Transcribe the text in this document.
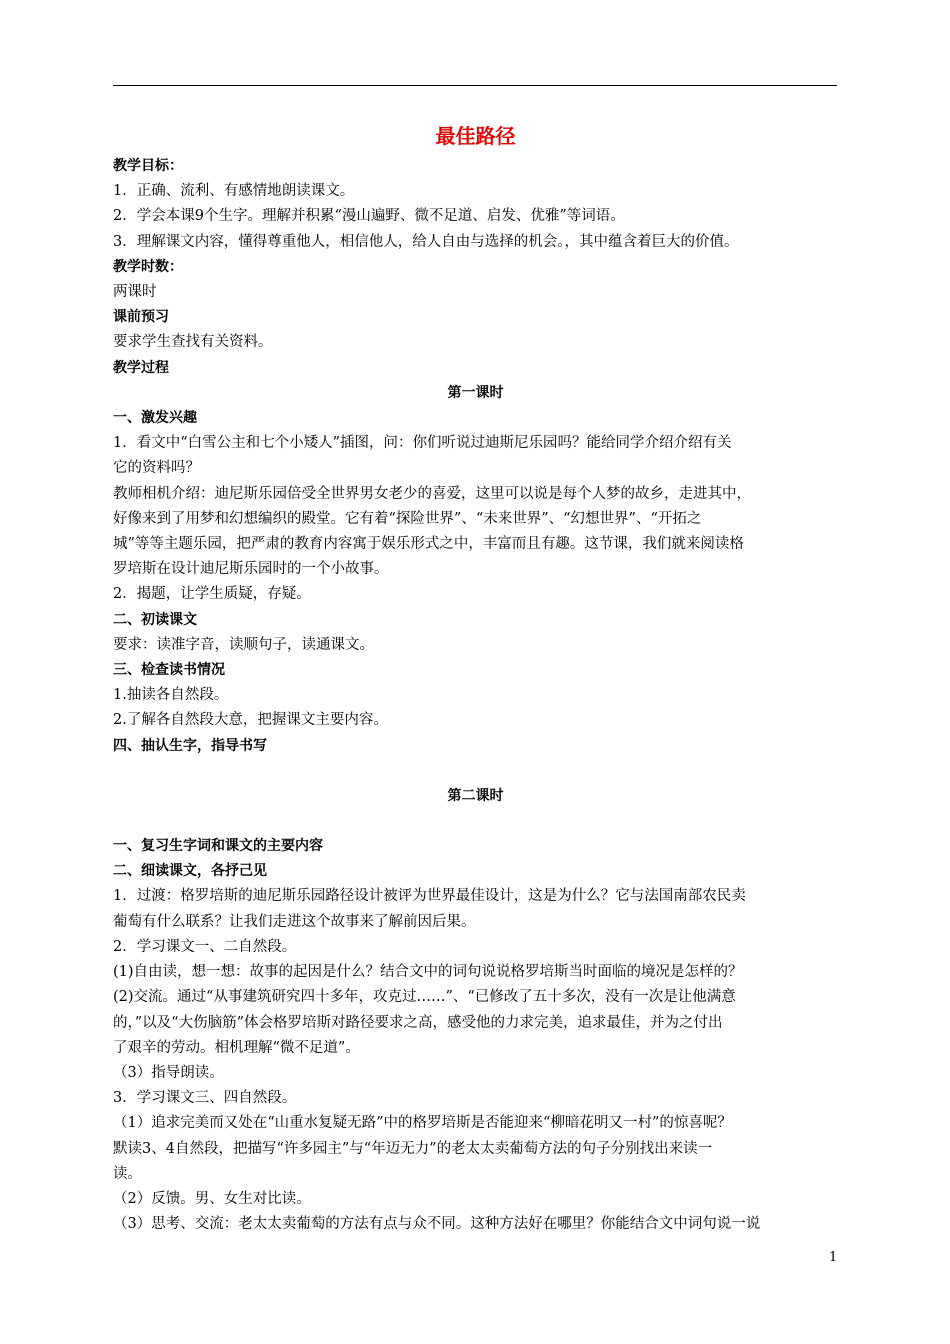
最佳路径
教学目标：
1．正确、流利、有感情地朗读课文。
2．学会本课9个生字。理解并积累“漫山遍野、微不足道、启发、优雅”等词语。
3．理解课文内容，懂得尊重他人，相信他人，给人自由与选择的机会。，其中蕴含着巨大的价值。
教学时数：
两课时
课前预习
要求学生查找有关资料。
教学过程
第一课时
一、激发兴趣
1．看文中“白雪公主和七个小矮人”插图，问：你们听说过迪斯尼乐园吗？能给同学介绍介绍有关
它的资料吗？
教师相机介绍：迪尼斯乐园倍受全世界男女老少的喜爱，这里可以说是每个人梦的故乡，走进其中，
好像来到了用梦和幻想编织的殿堂。它有着“探险世界”、“未来世界”、“幻想世界”、“开拓之
城”等等主题乐园，把严肃的教育内容寓于娱乐形式之中，丰富而且有趣。这节课，我们就来阅读格
罗培斯在设计迪尼斯乐园时的一个小故事。
2．揭题，让学生质疑，存疑。
二、初读课文
要求：读准字音，读顺句子，读通课文。
三、检查读书情况
1.抽读各自然段。
2.了解各自然段大意，把握课文主要内容。
四、抽认生字，指导书写
第二课时
一、复习生字词和课文的主要内容
二、细读课文，各抒己见
1．过渡：格罗培斯的迪尼斯乐园路径设计被评为世界最佳设计，这是为什么？它与法国南部农民卖
葡萄有什么联系？让我们走进这个故事来了解前因后果。
2．学习课文一、二自然段。
(1)自由读，想一想：故事的起因是什么？结合文中的词句说说格罗培斯当时面临的境况是怎样的？
(2)交流。通过“从事建筑研究四十多年，攻克过……”、“已修改了五十多次，没有一次是让他满意
的，”以及“大伤脑筋”体会格罗培斯对路径要求之高，感受他的力求完美，追求最佳，并为之付出
了艰辛的劳动。相机理解“微不足道”。
（3）指导朗读。
3．学习课文三、四自然段。
（1）追求完美而又处在“山重水复疑无路”中的格罗培斯是否能迎来“柳暗花明又一村”的惊喜呢？
默读3、4自然段，把描写“许多园主”与“年迈无力”的老太太卖葡萄方法的句子分别找出来读一
读。
（2）反馈。男、女生对比读。
（3）思考、交流：老太太卖葡萄的方法有点与众不同。这种方法好在哪里？你能结合文中词句说一说
1
